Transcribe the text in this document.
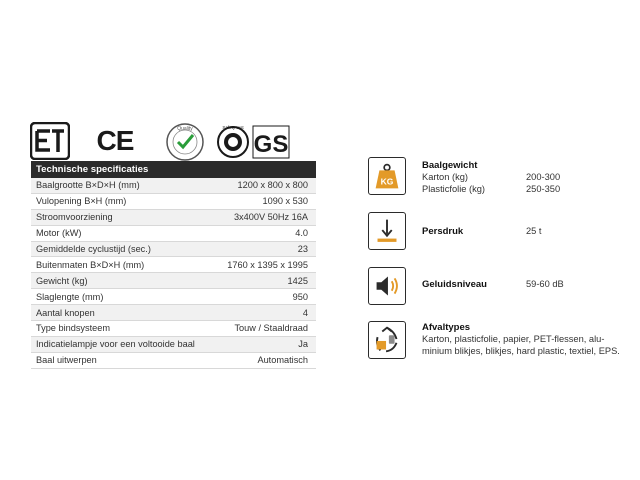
CE	Quality	Safety test
GS
Technische specificaties
Baalgrootte B×D×H (mm)	1200 x 800 x 800
Vulopening B×H (mm)	1090 x 530
Stroomvoorziening	3x400V 50Hz 16A
Motor (kW)	4.0
Gemiddelde cyclustijd (sec.)	23
Buitenmaten B×D×H (mm)	1760 x 1395 x 1995
Gewicht (kg)	1425
Slaglengte (mm)	950
Aantal knopen	4
Type bindsysteem	Touw / Staaldraad
Indicatielampje voor een voltooide baal	Ja
Baal uitwerpen	Automatisch
KG
Baalgewicht
Karton (kg)	200-300
Plasticfolie (kg)	250-350
Persdruk	25 t
Geluidsniveau	59-60 dB
Afvaltypes
Karton, plasticfolie, papier, PET-flessen, alu-
minium blikjes, blikjes, hard plastic, textiel, EPS.
